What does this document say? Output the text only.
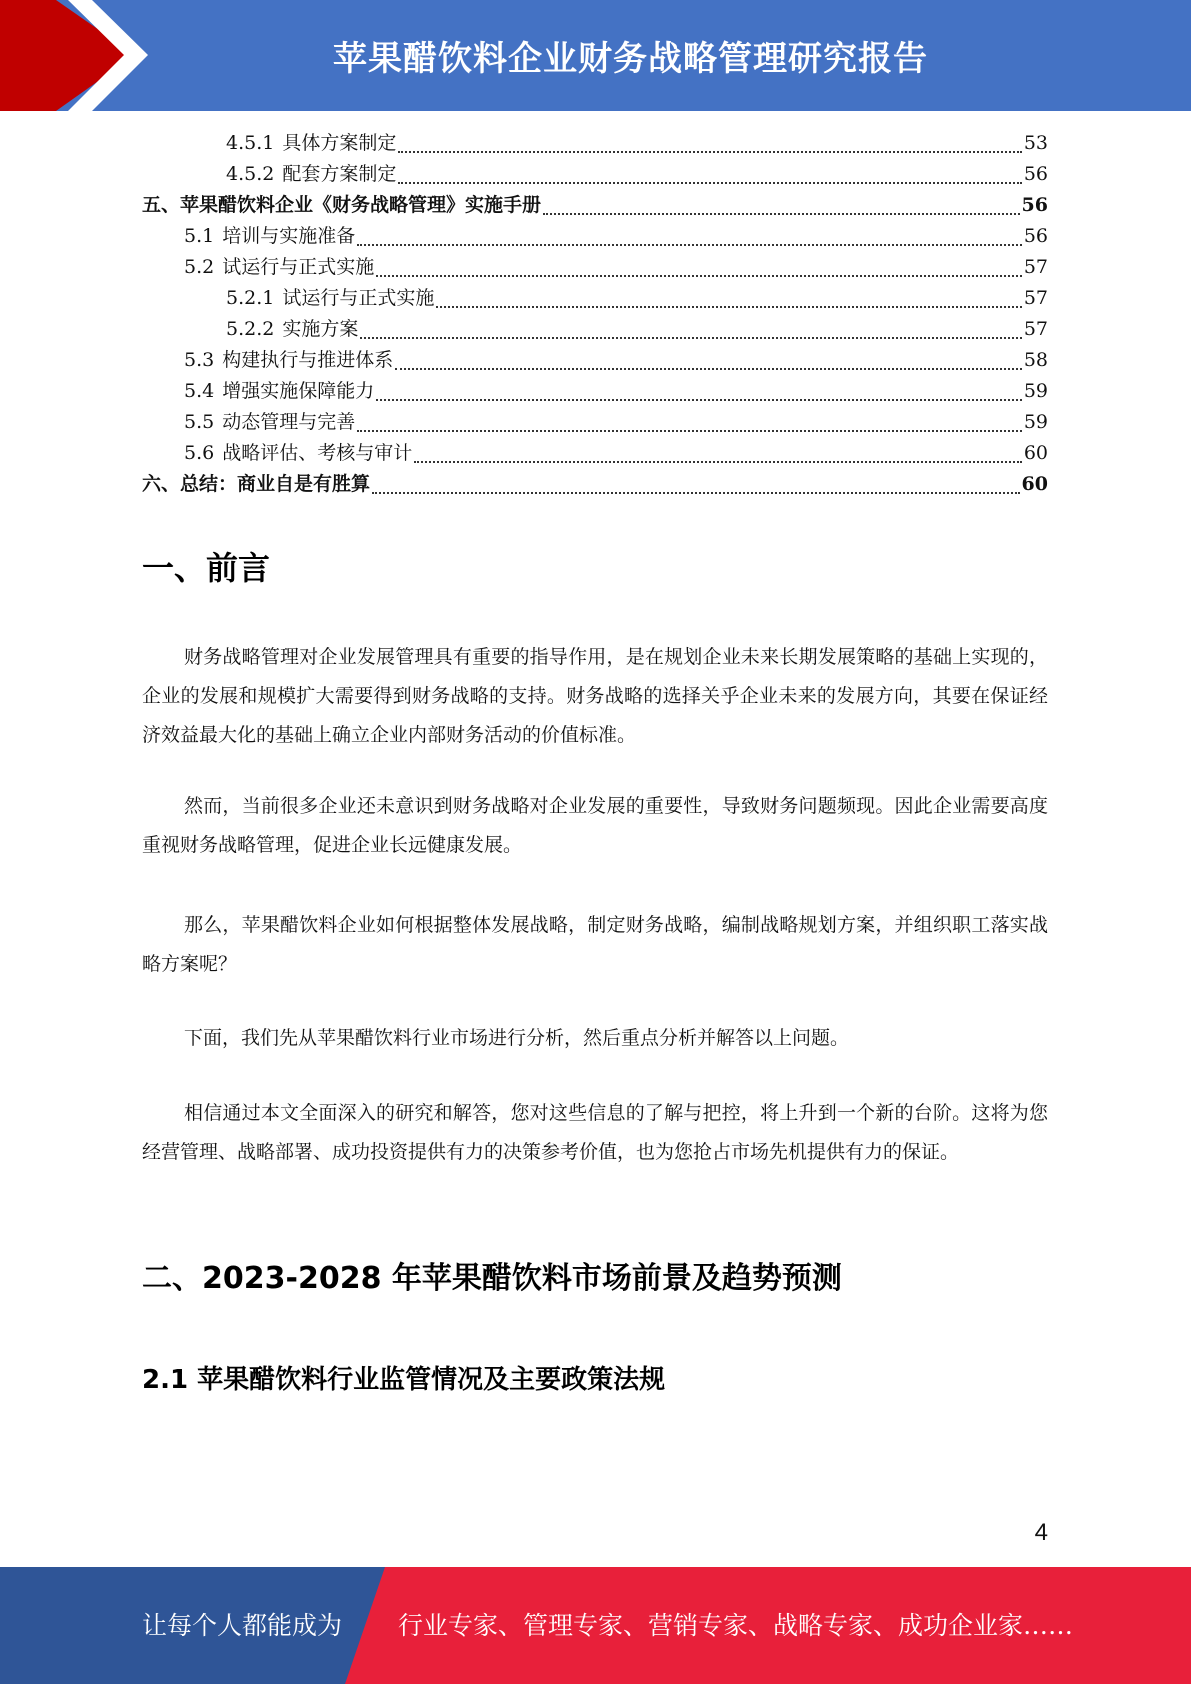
苹果醋饮料企业财务战略管理研究报告
4.5.1 具体方案制定	53
4.5.2 配套方案制定	56
五、苹果醋饮料企业《财务战略管理》实施手册	56
5.1 培训与实施准备	56
5.2 试运行与正式实施	57
5.2.1 试运行与正式实施	57
5.2.2 实施方案	57
5.3 构建执行与推进体系	58
5.4 增强实施保障能力	59
5.5 动态管理与完善	59
5.6 战略评估、考核与审计	60
六、总结：商业自是有胜算	60
一、前言

财务战略管理对企业发展管理具有重要的指导作用，是在规划企业未来长期发展策略的基础上实现的，企业的发展和规模扩大需要得到财务战略的支持。财务战略的选择关乎企业未来的发展方向，其要在保证经济效益最大化的基础上确立企业内部财务活动的价值标准。

然而，当前很多企业还未意识到财务战略对企业发展的重要性，导致财务问题频现。因此企业需要高度重视财务战略管理，促进企业长远健康发展。

那么，苹果醋饮料企业如何根据整体发展战略，制定财务战略，编制战略规划方案，并组织职工落实战略方案呢？

下面，我们先从苹果醋饮料行业市场进行分析，然后重点分析并解答以上问题。

相信通过本文全面深入的研究和解答，您对这些信息的了解与把控，将上升到一个新的台阶。这将为您经营管理、战略部署、成功投资提供有力的决策参考价值，也为您抢占市场先机提供有力的保证。

二、2023-2028 年苹果醋饮料市场前景及趋势预测
2.1 苹果醋饮料行业监管情况及主要政策法规
4
让每个人都能成为 行业专家、管理专家、营销专家、战略专家、成功企业家……
